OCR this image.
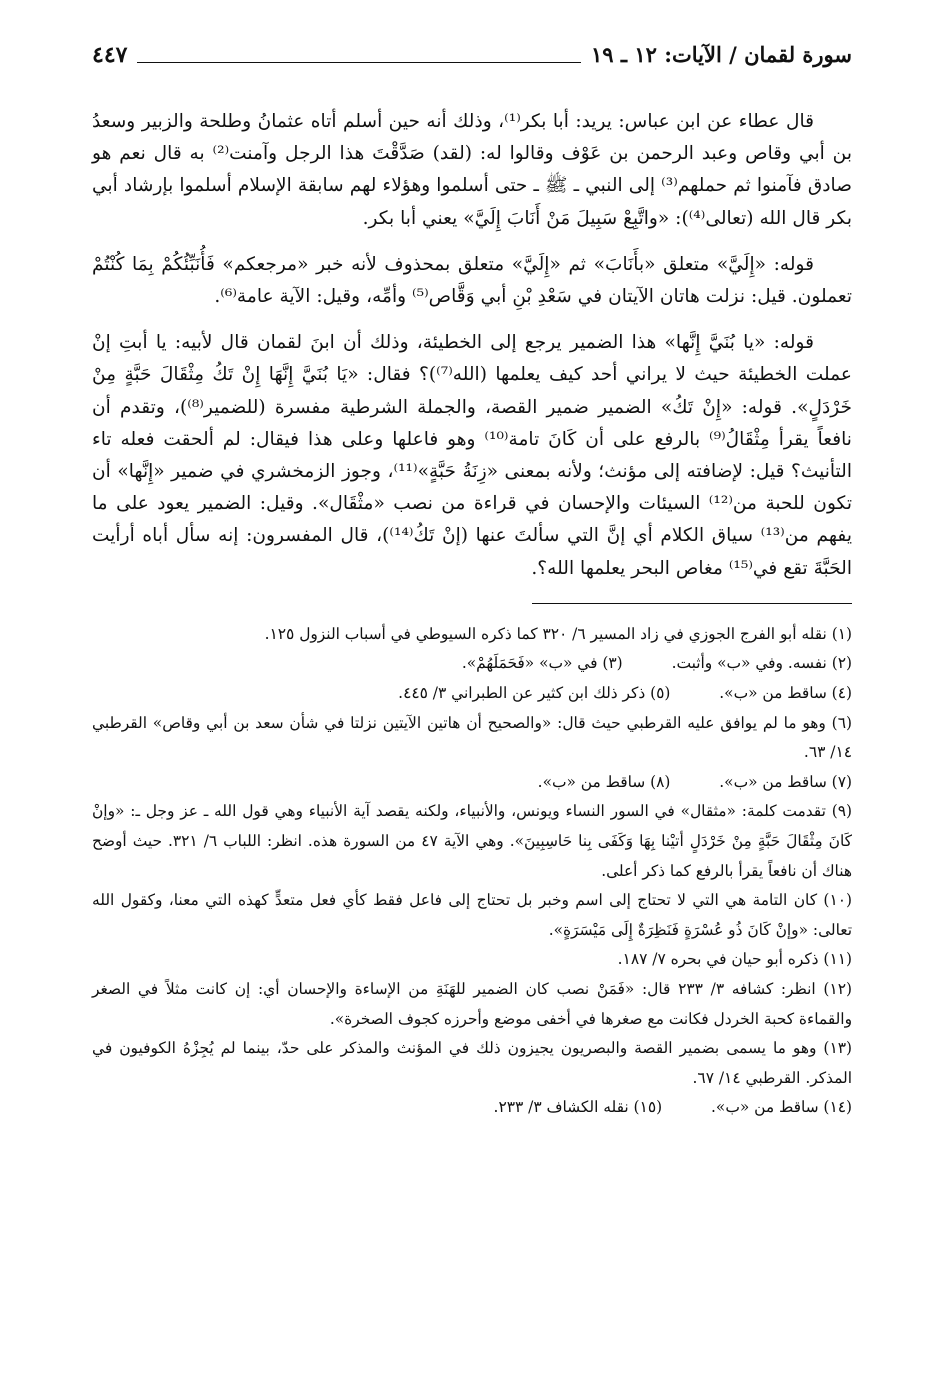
سورة لقمان / الآيات: ١٢ ـ ١٩
٤٤٧

قال عطاء عن ابن عباس: يريد: أبا بكر⁽¹⁾، وذلك أنه حين أسلم أتاه عثمانُ وطلحة والزبير وسعدُ بن أبي وقاص وعبد الرحمن بن عَوْف وقالوا له: (لقد) صَدَّقْتَ هذا الرجل وآمنت⁽²⁾ به قال نعم هو صادق فآمنوا ثم حملهم⁽³⁾ إلى النبي ـ ﷺ ـ حتى أسلموا وهؤلاء لهم سابقة الإسلام أسلموا بإرشاد أبي بكر قال الله (تعالى⁽⁴⁾): «واتَّبِعْ سَبِيلَ مَنْ أَنَابَ إِلَيَّ» يعني أبا بكر.

قوله: «إِلَيَّ» متعلق «بأَنَابَ» ثم «إِلَيَّ» متعلق بمحذوف لأنه خبر «مرجعكم» فَأُنَبِّئُكُمْ بِمَا كُنْتُمْ تعملون. قيل: نزلت هاتان الآيتان في سَعْدِ بْنِ أبي وَقَّاص⁽⁵⁾ وأمِّه، وقيل: الآية عامة⁽⁶⁾.

قوله: «يا بُنَيَّ إِنَّها» هذا الضمير يرجع إلى الخطيئة، وذلك أن ابنَ لقمان قال لأبيه: يا أبتِ إنْ عملت الخطيئة حيث لا يراني أحد كيف يعلمها (الله⁽⁷⁾)؟ فقال: «يَا بُنَيَّ إِنَّهَا إِنْ تَكُ مِثْقَالَ حَبَّةٍ مِنْ خَرْدَلٍ». قوله: «إِنْ تَكُ» الضمير ضمير القصة، والجملة الشرطية مفسرة (للضمير⁽⁸⁾)، وتقدم أن نافعاً يقرأ مِثْقَالُ⁽⁹⁾ بالرفع على أن كَانَ تامة⁽¹⁰⁾ وهو فاعلها وعلى هذا فيقال: لم ألحقت فعله تاء التأنيث؟ قيل: لإضافته إلى مؤنث؛ ولأنه بمعنى «زِنَةُ حَبَّةٍ»⁽¹¹⁾، وجوز الزمخشري في ضمير «إِنَّها» أن تكون للحبة من⁽¹²⁾ السيئات والإحسان في قراءة من نصب «مثْقَال». وقيل: الضمير يعود على ما يفهم من⁽¹³⁾ سياق الكلام أي إنَّ التي سألتَ عنها (إنْ تَكُ⁽¹⁴⁾)، قال المفسرون: إنه سأل أباه أرأيت الحَبَّةَ تقع في⁽¹⁵⁾ مغاص البحر يعلمها الله؟.

(١) نقله أبو الفرج الجوزي في زاد المسير ٦/ ٣٢٠ كما ذكره السيوطي في أسباب النزول ١٢٥.
(٢) نفسه. وفي «ب» وأثبت.          (٣) في «ب» «فَحَمَلَهُمْ».
(٤) ساقط من «ب».          (٥) ذكر ذلك ابن كثير عن الطبراني ٣/ ٤٤٥.
(٦) وهو ما لم يوافق عليه القرطبي حيث قال: «والصحيح أن هاتين الآيتين نزلتا في شأن سعد بن أبي وقاص» القرطبي ١٤/ ٦٣.
(٧) ساقط من «ب».          (٨) ساقط من «ب».
(٩) تقدمت كلمة: «مثقال» في السور النساء ويونس، والأنبياء، ولكنه يقصد آية الأنبياء وهي قول الله ـ عز وجل ـ: «وإنْ كَانَ مِثْقَالَ حَبَّةٍ مِنْ خَرْدَلٍ أتيْنا بِهَا وَكَفَى بِنا حَاسِبِينَ». وهي الآية ٤٧ من السورة هذه. انظر: اللباب ٦/ ٣٢١. حيث أوضح هناك أن نافعاً يقرأ بالرفع كما ذكر أعلى.
(١٠) كان التامة هي التي لا تحتاج إلى اسم وخبر بل تحتاج إلى فاعل فقط كأي فعل متعدٍّ كهذه التي معنا، وكقول الله تعالى: «وإنْ كَانَ ذُو عُسْرَةٍ فَنَظِرَةٌ إِلَى مَيْسَرَةٍ».
(١١) ذكره أبو حيان في بحره ٧/ ١٨٧.
(١٢) انظر: كشافه ٣/ ٢٣٣ قال: «فَمَنْ نصب كان الضمير للهَنَةِ من الإساءة والإحسان أي: إن كانت مثلاً في الصغر والقماءة كحبة الخردل فكانت مع صغرها في أخفى موضع وأحرزه كجوف الصخرة».
(١٣) وهو ما يسمى بضمير القصة والبصريون يجيزون ذلك في المؤنث والمذكر على حدّ، بينما لم يُجِزْهُ الكوفيون في المذكر. القرطبي ١٤/ ٦٧.
(١٤) ساقط من «ب».          (١٥) نقله الكشاف ٣/ ٢٣٣.
